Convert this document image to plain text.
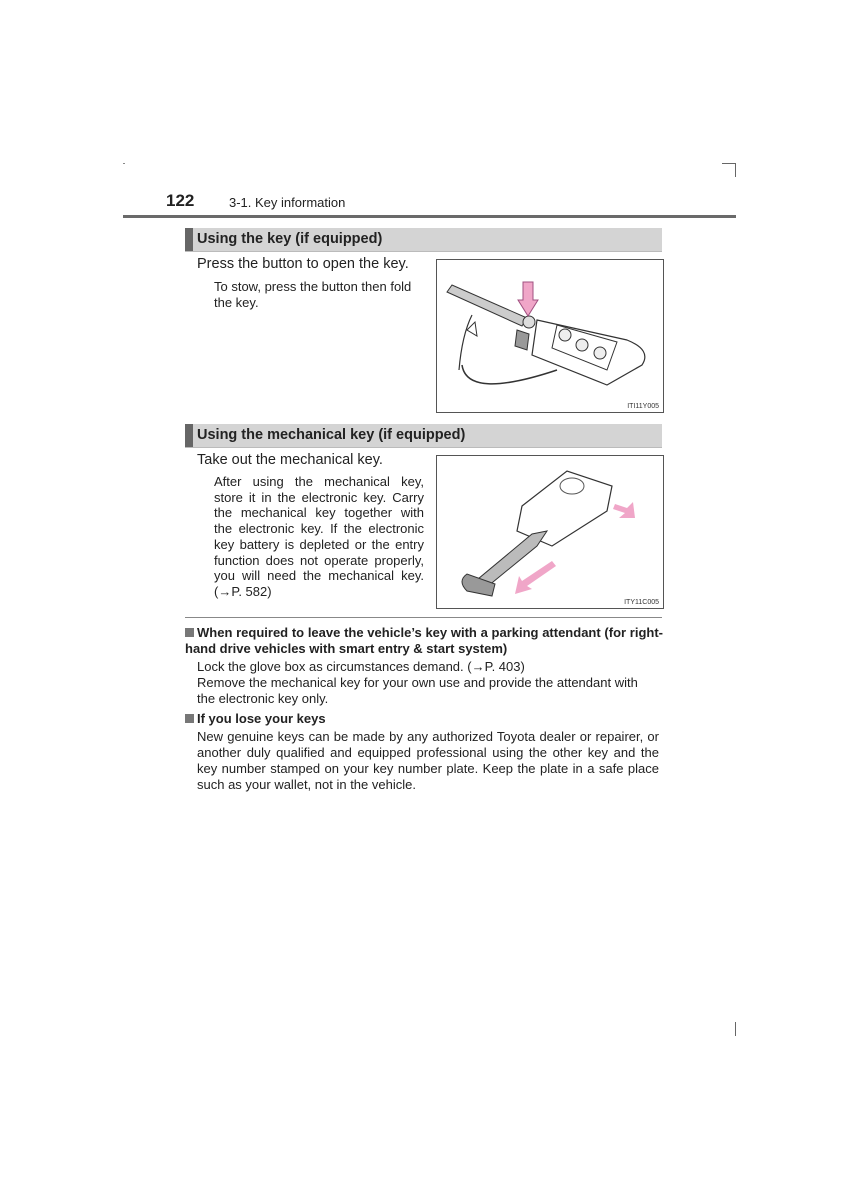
122	3-1. Key information
Using the key (if equipped)
Press the button to open the key.
To stow, press the button then fold the key.
ITI11Y005
Using the mechanical key (if equipped)
Take out the mechanical key.
After using the mechanical key, store it in the electronic key. Carry the mechanical key together with the electronic key. If the electronic key battery is depleted or the entry function does not operate properly, you will need the mechanical key. (→P. 582)
ITY11C005
When required to leave the vehicle’s key with a parking attendant (for right-hand drive vehicles with smart entry & start system)
Lock the glove box as circumstances demand. (→P. 403)
Remove the mechanical key for your own use and provide the attendant with the electronic key only.
If you lose your keys
New genuine keys can be made by any authorized Toyota dealer or repairer, or another duly qualified and equipped professional using the other key and the key number stamped on your key number plate. Keep the plate in a safe place such as your wallet, not in the vehicle.
